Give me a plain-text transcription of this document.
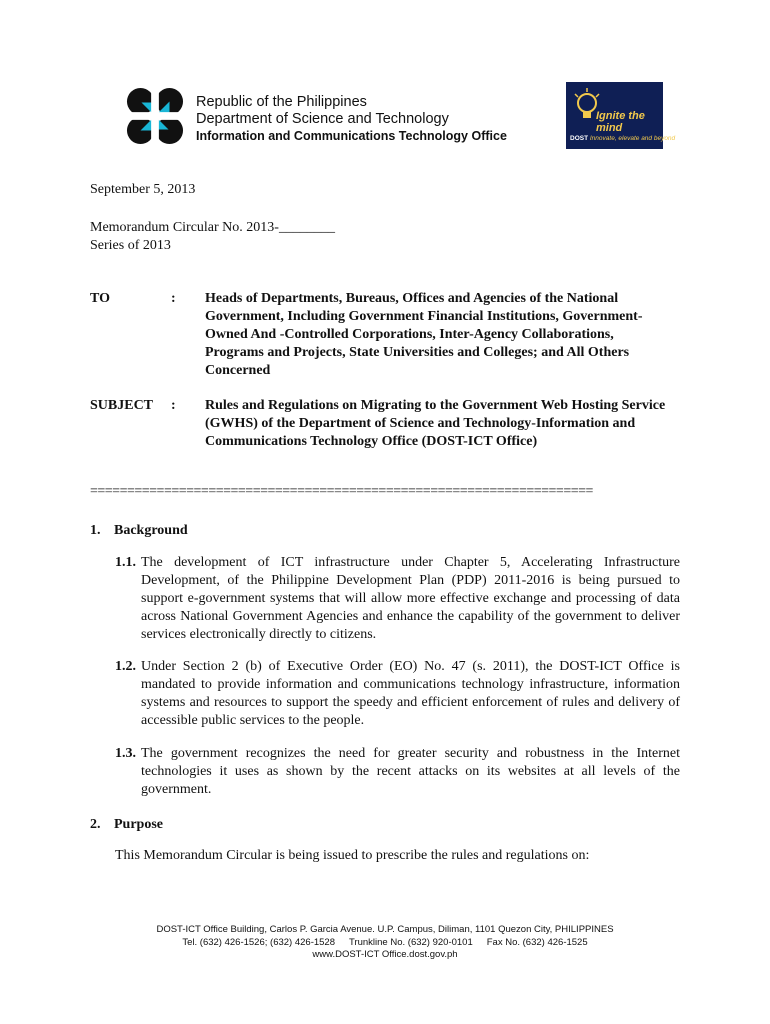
Republic of the Philippines
Department of Science and Technology
Information and Communications Technology Office
Ignite the mind
DOST Innovate, elevate and beyond

September 5, 2013

Memorandum Circular No. 2013-________

Series of 2013

TO	: Heads of Departments, Bureaus, Offices and Agencies of the National Government, Including Government Financial Institutions, Government-Owned And -Controlled Corporations, Inter-Agency Collaborations, Programs and Projects, State Universities and Colleges; and All Others Concerned
SUBJECT : Rules and Regulations on Migrating to the Government Web Hosting Service (GWHS) of the Department of Science and Technology-Information and Communications Technology Office (DOST-ICT Office)
====================================================================
1. Background
1.1. The development of ICT infrastructure under Chapter 5, Accelerating Infrastructure Development, of the Philippine Development Plan (PDP) 2011-2016 is being pursued to support e-government systems that will allow more effective exchange and processing of data across National Government Agencies and enhance the capability of the government to deliver services electronically directly to citizens.
1.2. Under Section 2 (b) of Executive Order (EO) No. 47 (s. 2011), the DOST-ICT Office is mandated to provide information and communications technology infrastructure, information systems and resources to support the speedy and efficient enforcement of rules and delivery of accessible public services to the people.
1.3. The government recognizes the need for greater security and robustness in the Internet technologies it uses as shown by the recent attacks on its websites at all levels of the government.
2. Purpose
This Memorandum Circular is being issued to prescribe the rules and regulations on:
DOST-ICT Office Building, Carlos P. Garcia Avenue. U.P. Campus, Diliman, 1101 Quezon City, PHILIPPINES
Tel. (632) 426-1526; (632) 426-1528 Trunkline No. (632) 920-0101 Fax No. (632) 426-1525
www.DOST-ICT Office.dost.gov.ph
